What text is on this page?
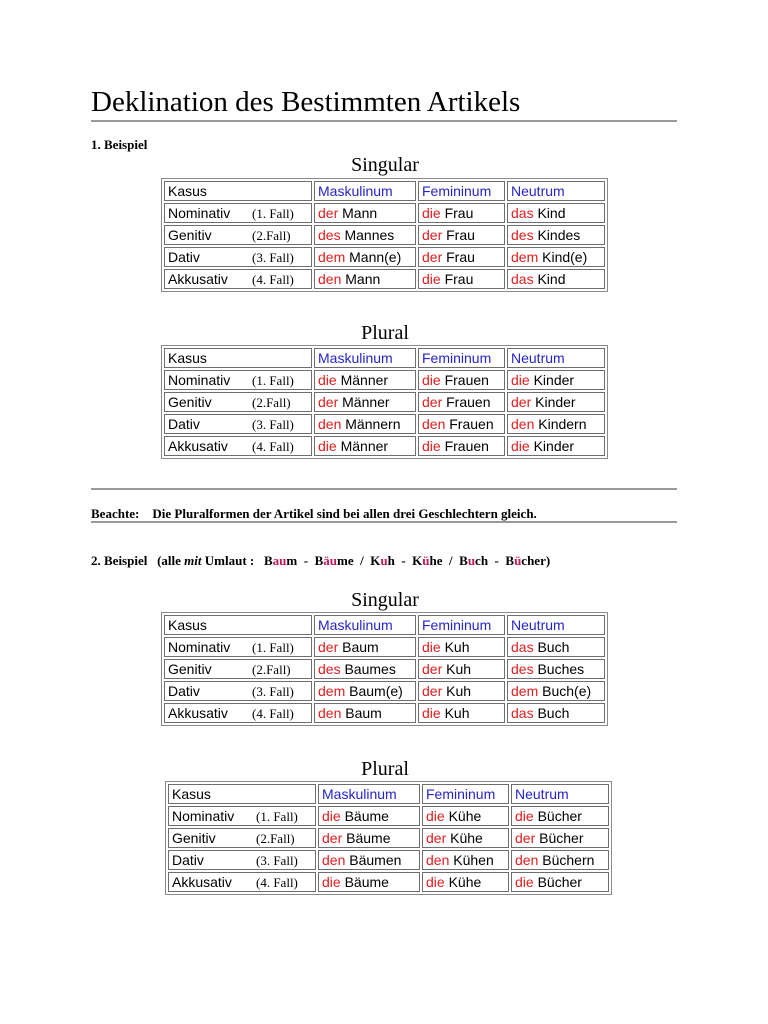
Deklination des Bestimmten Artikels

1. Beispiel

Singular
Kasus	Maskulinum	Femininum	Neutrum
Nominativ (1. Fall)	der Mann	die Frau	das Kind
Genitiv (2.Fall)	des Mannes	der Frau	des Kindes
Dativ (3. Fall)	dem Mann(e)	der Frau	dem Kind(e)
Akkusativ (4. Fall)	den Mann	die Frau	das Kind
Plural
Kasus	Maskulinum	Femininum	Neutrum
Nominativ (1. Fall)	die Männer	die Frauen	die Kinder
Genitiv (2.Fall)	der Männer	der Frauen	der Kinder
Dativ (3. Fall)	den Männern	den Frauen	den Kindern
Akkusativ (4. Fall)	die Männer	die Frauen	die Kinder

Beachte: Die Pluralformen der Artikel sind bei allen drei Geschlechtern gleich.

2. Beispiel (alle mit Umlaut : Baum - Bäume / Kuh - Kühe / Buch - Bücher)

Singular
Kasus	Maskulinum	Femininum	Neutrum
Nominativ (1. Fall)	der Baum	die Kuh	das Buch
Genitiv (2.Fall)	des Baumes	der Kuh	des Buches
Dativ (3. Fall)	dem Baum(e)	der Kuh	dem Buch(e)
Akkusativ (4. Fall)	den Baum	die Kuh	das Buch
Plural
Kasus	Maskulinum	Femininum	Neutrum
Nominativ (1. Fall)	die Bäume	die Kühe	die Bücher
Genitiv (2.Fall)	der Bäume	der Kühe	der Bücher
Dativ (3. Fall)	den Bäumen	den Kühen	den Büchern
Akkusativ (4. Fall)	die Bäume	die Kühe	die Bücher
